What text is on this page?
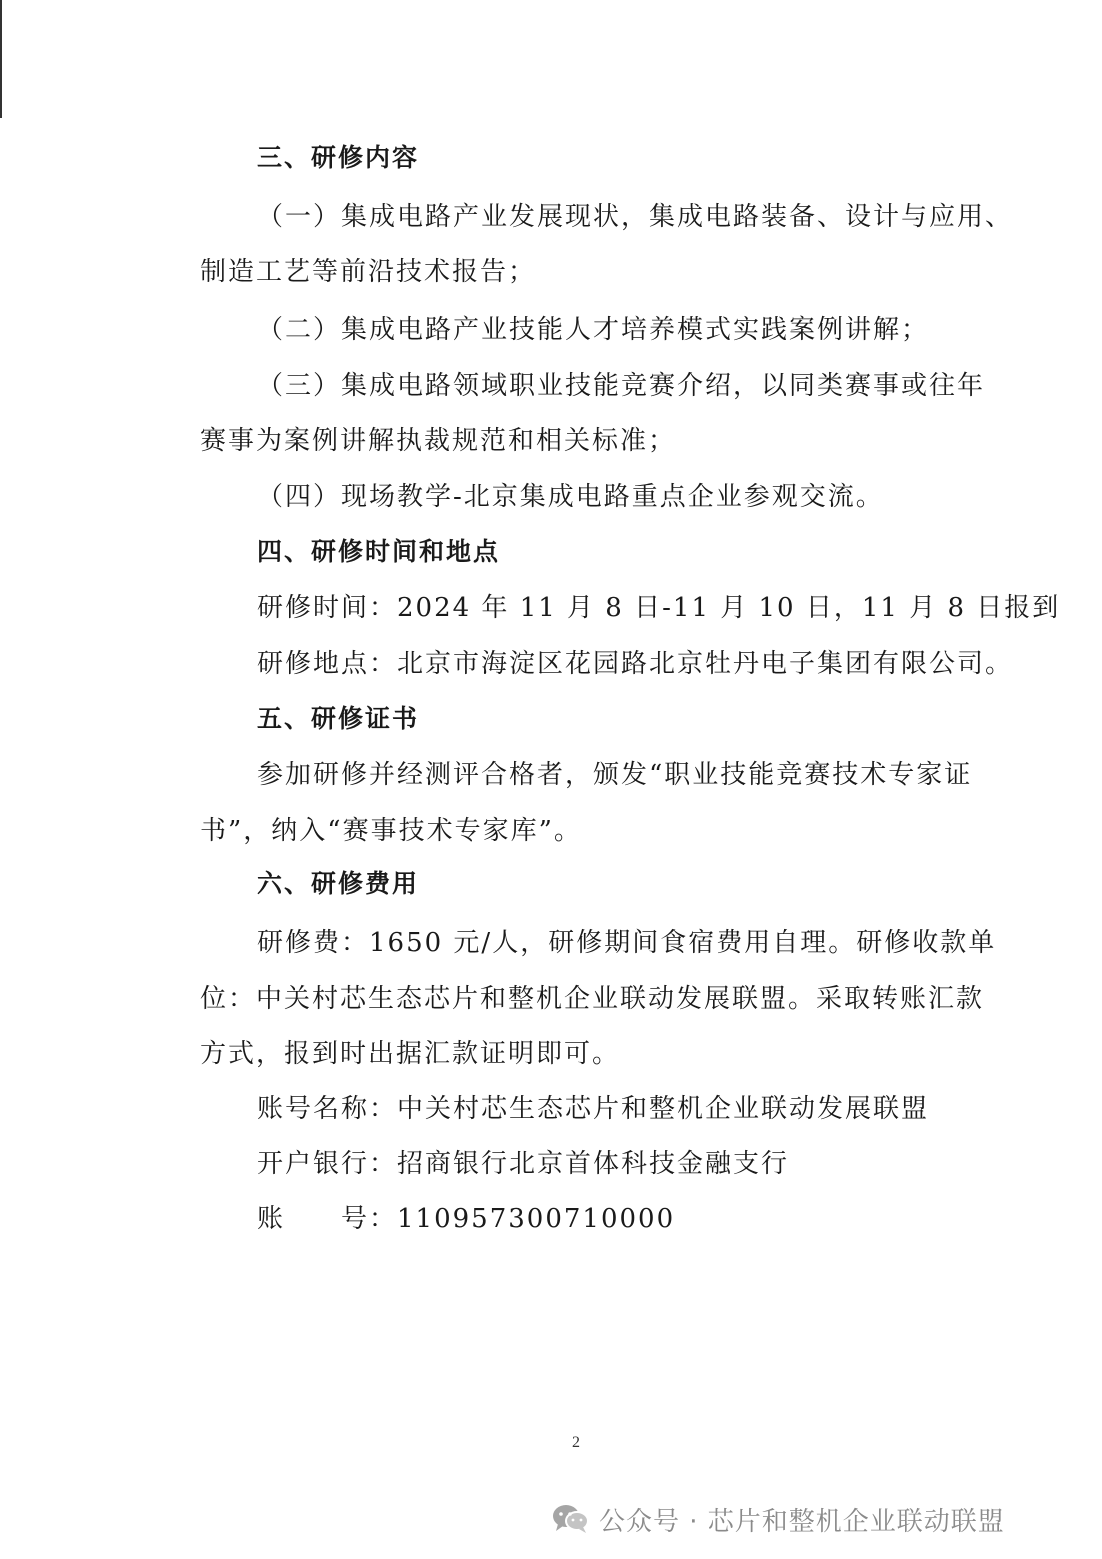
三、研修内容
（一）集成电路产业发展现状，集成电路装备、设计与应用、
制造工艺等前沿技术报告；
（二）集成电路产业技能人才培养模式实践案例讲解；
（三）集成电路领域职业技能竞赛介绍，以同类赛事或往年
赛事为案例讲解执裁规范和相关标准；
（四）现场教学-北京集成电路重点企业参观交流。
四、研修时间和地点
研修时间：2024 年 11 月 8 日-11 月 10 日，11 月 8 日报到
研修地点：北京市海淀区花园路北京牡丹电子集团有限公司。
五、研修证书
参加研修并经测评合格者，颁发“职业技能竞赛技术专家证
书”，纳入“赛事技术专家库”。
六、研修费用
研修费：1650 元/人，研修期间食宿费用自理。研修收款单
位：中关村芯生态芯片和整机企业联动发展联盟。采取转账汇款
方式，报到时出据汇款证明即可。
账号名称：中关村芯生态芯片和整机企业联动发展联盟
开户银行：招商银行北京首体科技金融支行
账　　号：110957300710000
2
公众号 · 芯片和整机企业联动联盟
